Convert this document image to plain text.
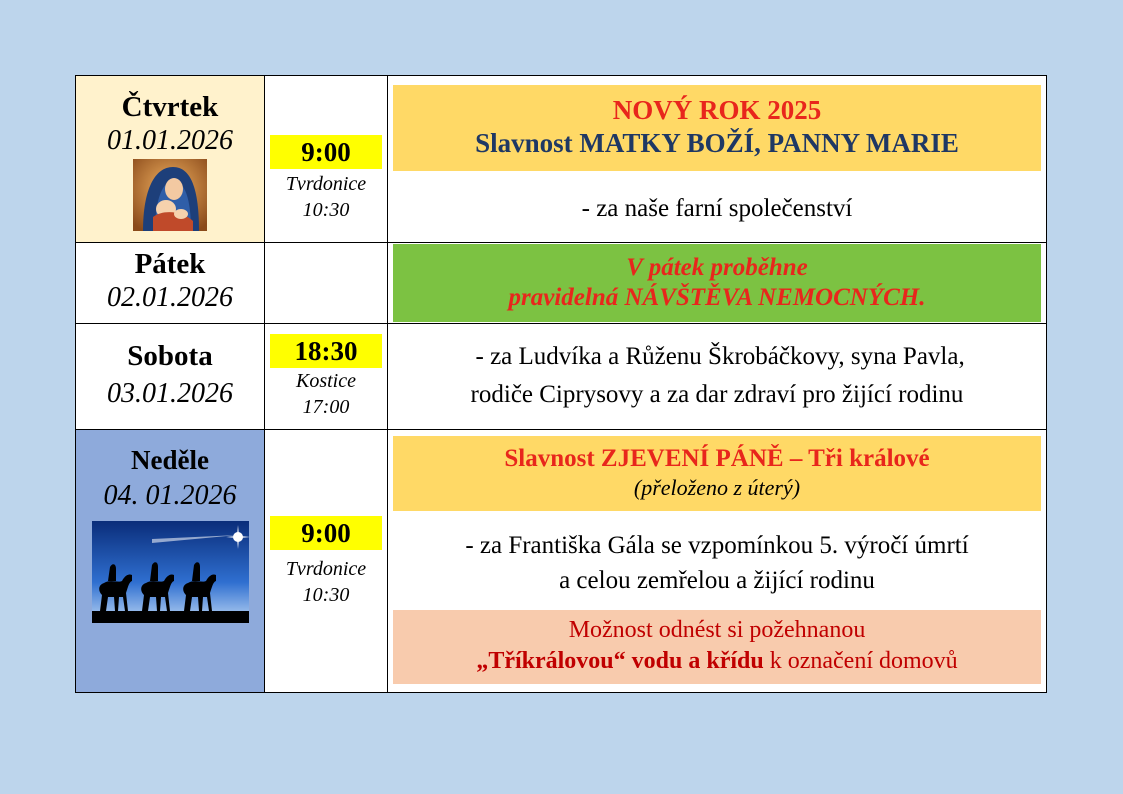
Čtvrtek
01.01.2026	9:00
Tvrdonice
10:30
NOVÝ ROK 2025
Slavnost MATKY BOŽÍ, PANNY MARIE
- za naše farní společenství
Pátek
02.01.2026
V pátek proběhne
pravidelná NÁVŠTĚVA NEMOCNÝCH.
Sobota
03.01.2026
18:30
Kostice
17:00
- za Ludvíka a Růženu Škrobáčkovy, syna Pavla,
rodiče Ciprysovy a za dar zdraví pro žijící rodinu
Neděle
04. 01.2026
9:00
Tvrdonice
10:30
Slavnost ZJEVENÍ PÁNĚ – Tři králové
(přeloženo z úterý)
- za Františka Gála se vzpomínkou 5. výročí úmrtí
a celou zemřelou a žijící rodinu
Možnost odnést si požehnanou
„Tříkrálovou“ vodu a křídu k označení domovů
